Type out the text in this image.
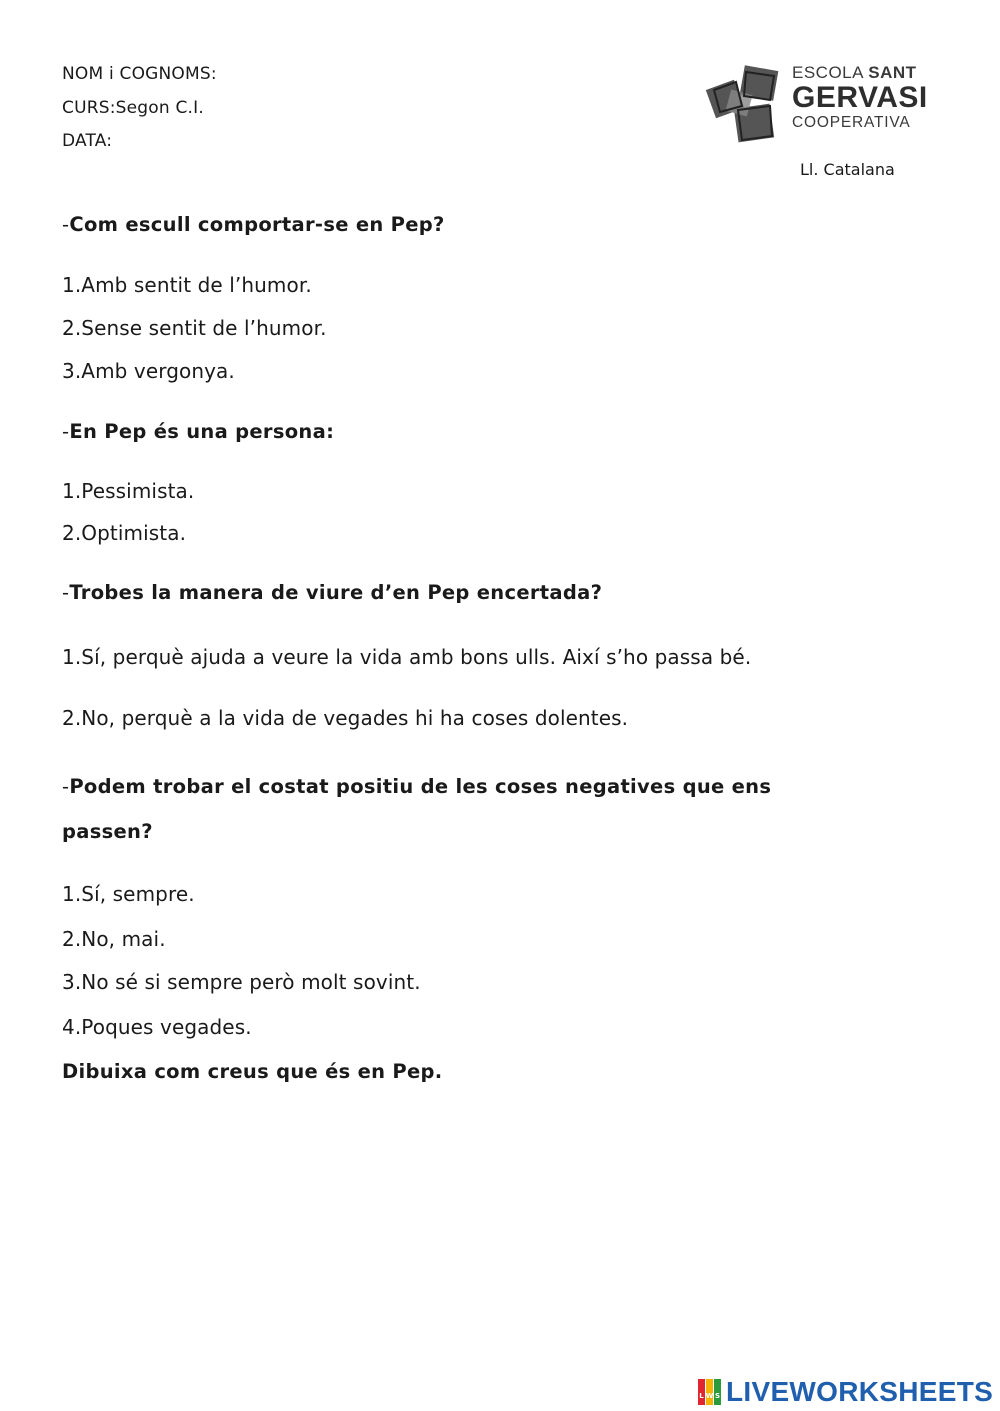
NOM i COGNOMS:
CURS:Segon C.I.
DATA:
ESCOLA SANT
GERVASI
COOPERATIVA
Ll. Catalana
-Com escull comportar-se en Pep?
1.Amb sentit de l’humor.
2.Sense sentit de l’humor.
3.Amb vergonya.
-En Pep és una persona:
1.Pessimista.
2.Optimista.
-Trobes la manera de viure d’en Pep encertada?
1.Sí, perquè ajuda a veure la vida amb bons ulls. Així s’ho passa bé.
2.No, perquè a la vida de vegades hi ha coses dolentes.
-Podem trobar el costat positiu de les coses negatives que ens
passen?
1.Sí, sempre.
2.No, mai.
3.No sé si sempre però molt sovint.
4.Poques vegades.
Dibuixa com creus que és en Pep.
L W S LIVEWORKSHEETS
